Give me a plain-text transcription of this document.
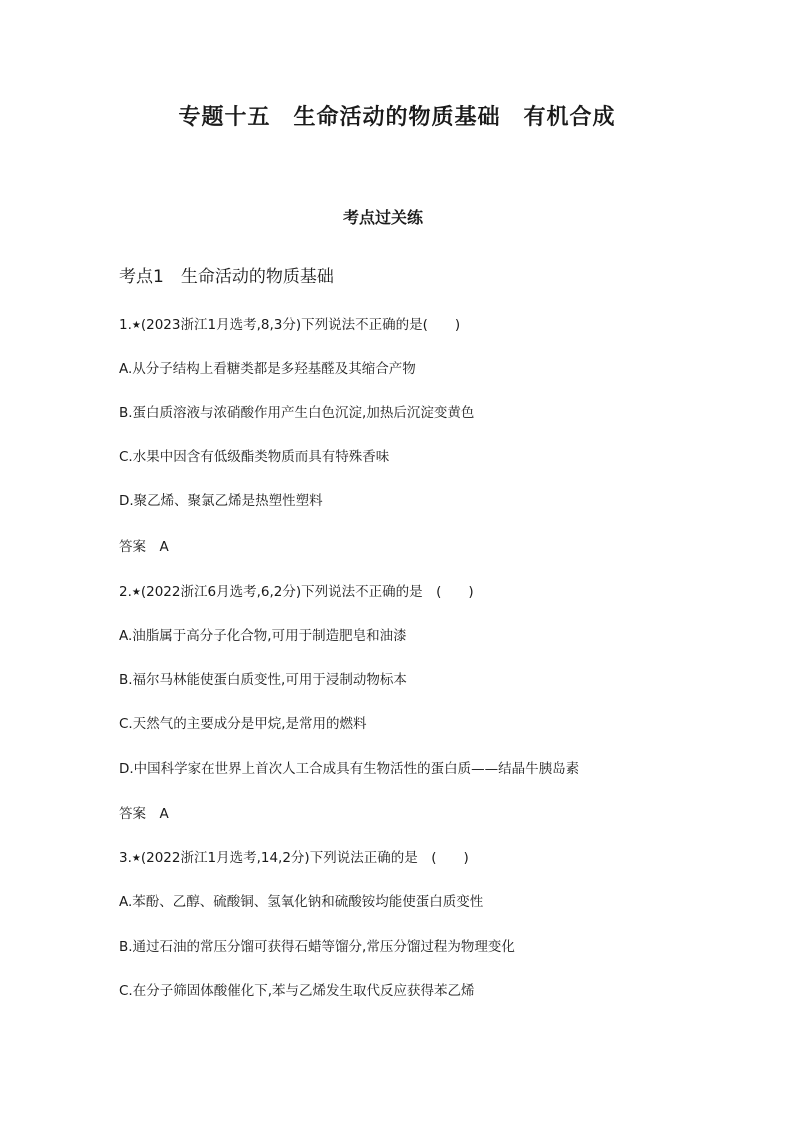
专题十五　生命活动的物质基础　有机合成
考点过关练
考点1　生命活动的物质基础
1.★(2023浙江1月选考,8,3分)下列说法不正确的是(　　)
A.从分子结构上看糖类都是多羟基醛及其缩合产物
B.蛋白质溶液与浓硝酸作用产生白色沉淀,加热后沉淀变黄色
C.水果中因含有低级酯类物质而具有特殊香味
D.聚乙烯、聚氯乙烯是热塑性塑料
答案　A
2.★(2022浙江6月选考,6,2分)下列说法不正确的是　(　　)
A.油脂属于高分子化合物,可用于制造肥皂和油漆
B.福尔马林能使蛋白质变性,可用于浸制动物标本
C.天然气的主要成分是甲烷,是常用的燃料
D.中国科学家在世界上首次人工合成具有生物活性的蛋白质——结晶牛胰岛素
答案　A
3.★(2022浙江1月选考,14,2分)下列说法正确的是　(　　)
A.苯酚、乙醇、硫酸铜、氢氧化钠和硫酸铵均能使蛋白质变性
B.通过石油的常压分馏可获得石蜡等馏分,常压分馏过程为物理变化
C.在分子筛固体酸催化下,苯与乙烯发生取代反应获得苯乙烯
